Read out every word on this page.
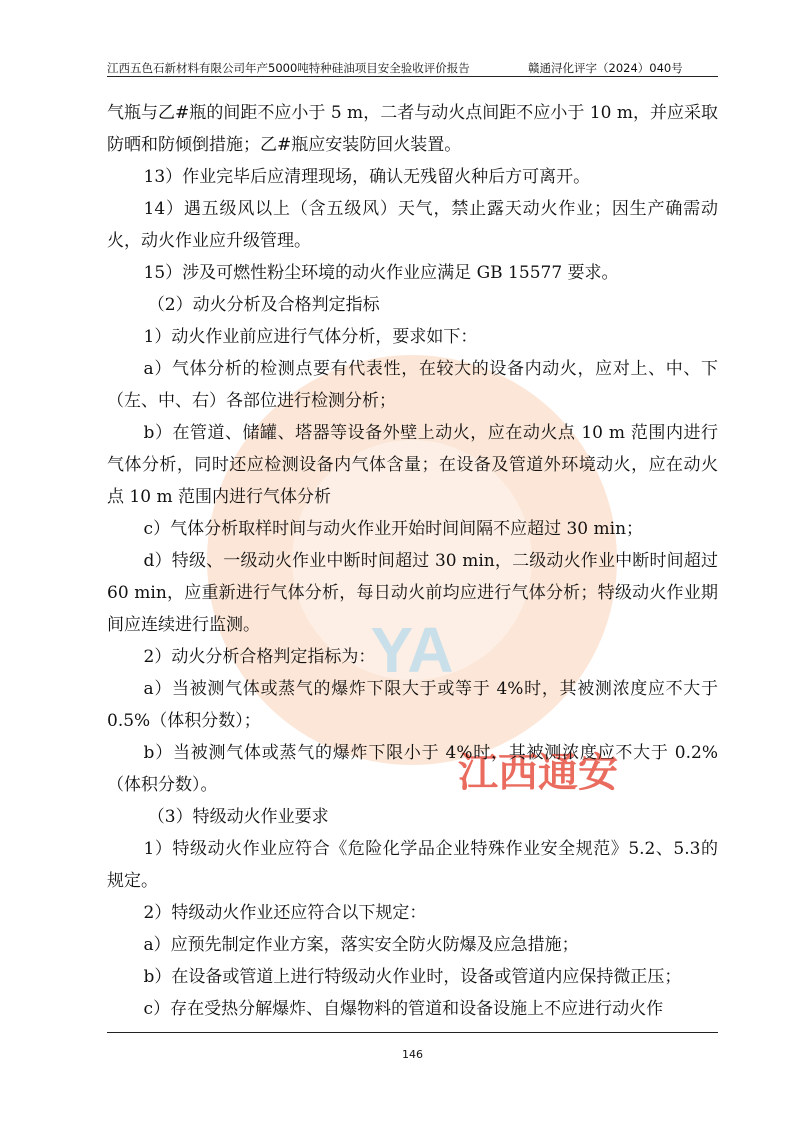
YA
江西通安
江西五色石新材料有限公司年产5000吨特种硅油项目安全验收评价报告	赣通浔化评字（2024）040号

气瓶与乙#瓶的间距不应小于 5 m，二者与动火点间距不应小于 10 m，并应采取防晒和防倾倒措施；乙#瓶应安装防回火装置。

13）作业完毕后应清理现场，确认无残留火种后方可离开。

14）遇五级风以上（含五级风）天气，禁止露天动火作业；因生产确需动火，动火作业应升级管理。

15）涉及可燃性粉尘环境的动火作业应满足 GB 15577 要求。

（2）动火分析及合格判定指标

1）动火作业前应进行气体分析，要求如下：

a）气体分析的检测点要有代表性，在较大的设备内动火，应对上、中、下（左、中、右）各部位进行检测分析；

b）在管道、储罐、塔器等设备外壁上动火，应在动火点 10 m 范围内进行气体分析，同时还应检测设备内气体含量；在设备及管道外环境动火，应在动火点 10 m 范围内进行气体分析

c）气体分析取样时间与动火作业开始时间间隔不应超过 30 min；

d）特级、一级动火作业中断时间超过 30 min，二级动火作业中断时间超过 60 min，应重新进行气体分析，每日动火前均应进行气体分析；特级动火作业期间应连续进行监测。

2）动火分析合格判定指标为：

a）当被测气体或蒸气的爆炸下限大于或等于 4%时，其被测浓度应不大于 0.5%（体积分数）；

b）当被测气体或蒸气的爆炸下限小于 4%时，其被测浓度应不大于 0.2%（体积分数）。

（3）特级动火作业要求

1）特级动火作业应符合《危险化学品企业特殊作业安全规范》5.2、5.3的规定。

2）特级动火作业还应符合以下规定：

a）应预先制定作业方案，落实安全防火防爆及应急措施；

b）在设备或管道上进行特级动火作业时，设备或管道内应保持微正压；

c）存在受热分解爆炸、自爆物料的管道和设备设施上不应进行动火作

146
